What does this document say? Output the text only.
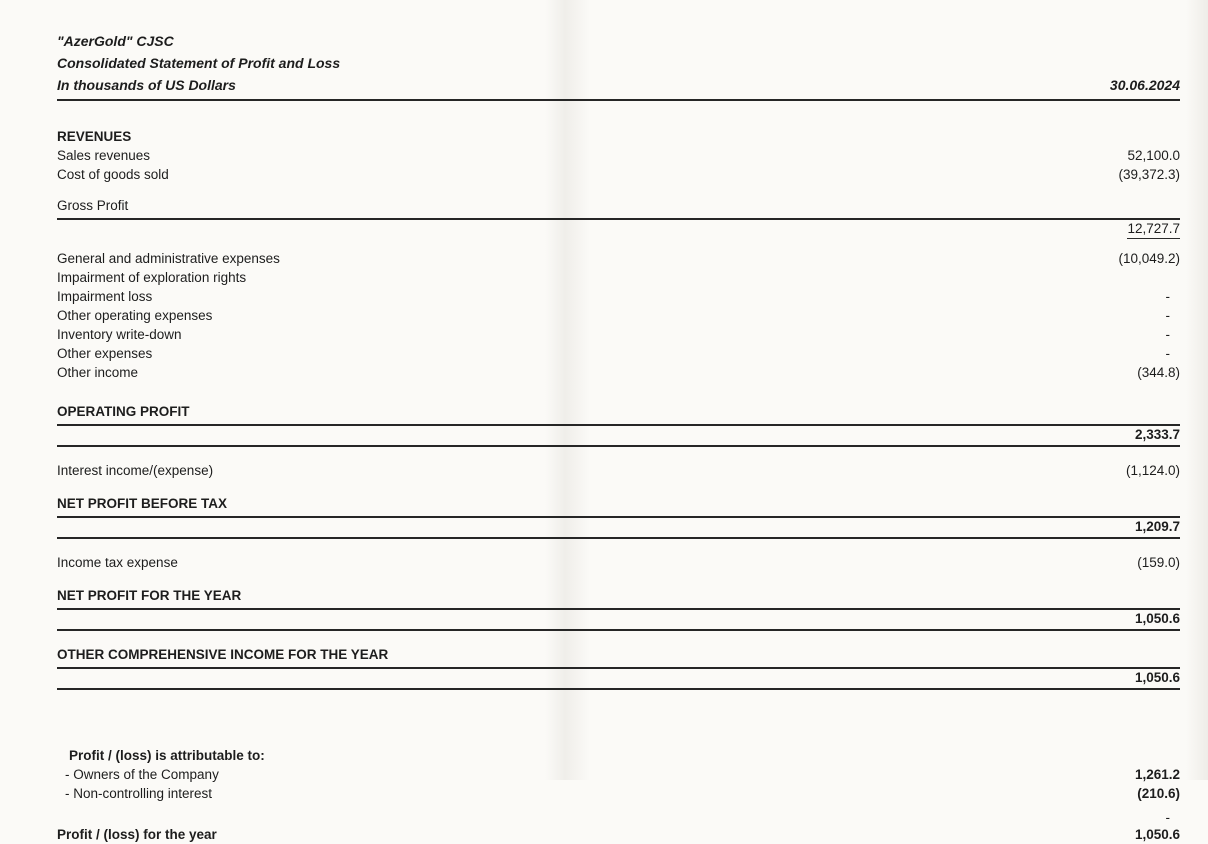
"AzerGold" CJSC
Consolidated Statement of Profit and Loss
In thousands of US Dollars	30.06.2024
REVENUES
Sales revenues	52,100.0
Cost of goods sold	(39,372.3)
Gross Profit
12,727.7
General and administrative expenses	(10,049.2)
Impairment of exploration rights
Impairment loss	-
Other operating expenses	-
Inventory write-down	-
Other expenses	-
Other income	(344.8)
OPERATING PROFIT
2,333.7
Interest income/(expense)	(1,124.0)
NET PROFIT BEFORE TAX
1,209.7
Income tax expense	(159.0)
NET PROFIT FOR THE YEAR
1,050.6
OTHER COMPREHENSIVE INCOME FOR THE YEAR
1,050.6
Profit / (loss) is attributable to:
- Owners of the Company	1,261.2
- Non-controlling interest	(210.6)
-
Profit / (loss) for the year	1,050.6
